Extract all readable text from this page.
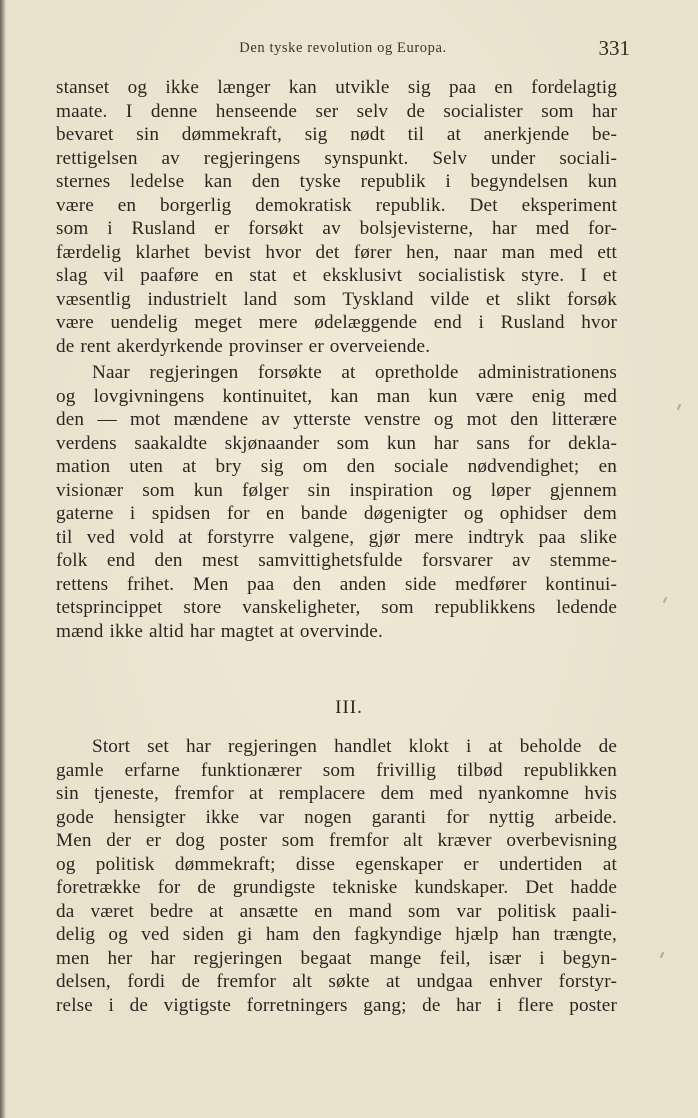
Den tyske revolution og Europa.	331
stanset og ikke længer kan utvikle sig paa en fordelagtig
maate. I denne henseende ser selv de socialister som har
bevaret sin dømmekraft, sig nødt til at anerkjende be-
rettigelsen av regjeringens synspunkt. Selv under sociali-
sternes ledelse kan den tyske republik i begyndelsen kun
være en borgerlig demokratisk republik. Det eksperiment
som i Rusland er forsøkt av bolsjevisterne, har med for-
færdelig klarhet bevist hvor det fører hen, naar man med ett
slag vil paaføre en stat et eksklusivt socialistisk styre. I et
væsentlig industrielt land som Tyskland vilde et slikt forsøk
være uendelig meget mere ødelæggende end i Rusland hvor
de rent akerdyrkende provinser er overveiende.
Naar regjeringen forsøkte at opretholde administrationens
og lovgivningens kontinuitet, kan man kun være enig med
den — mot mændene av ytterste venstre og mot den litterære
verdens saakaldte skjønaander som kun har sans for dekla-
mation uten at bry sig om den sociale nødvendighet; en
visionær som kun følger sin inspiration og løper gjennem
gaterne i spidsen for en bande døgenigter og ophidser dem
til ved vold at forstyrre valgene, gjør mere indtryk paa slike
folk end den mest samvittighetsfulde forsvarer av stemme-
rettens frihet. Men paa den anden side medfører kontinui-
tetsprincippet store vanskeligheter, som republikkens ledende
mænd ikke altid har magtet at overvinde.
III.
Stort set har regjeringen handlet klokt i at beholde de
gamle erfarne funktionærer som frivillig tilbød republikken
sin tjeneste, fremfor at remplacere dem med nyankomne hvis
gode hensigter ikke var nogen garanti for nyttig arbeide.
Men der er dog poster som fremfor alt kræver overbevisning
og politisk dømmekraft; disse egenskaper er undertiden at
foretrække for de grundigste tekniske kundskaper. Det hadde
da været bedre at ansætte en mand som var politisk paali-
delig og ved siden gi ham den fagkyndige hjælp han trængte,
men her har regjeringen begaat mange feil, især i begyn-
delsen, fordi de fremfor alt søkte at undgaa enhver forstyr-
relse i de vigtigste forretningers gang; de har i flere poster
